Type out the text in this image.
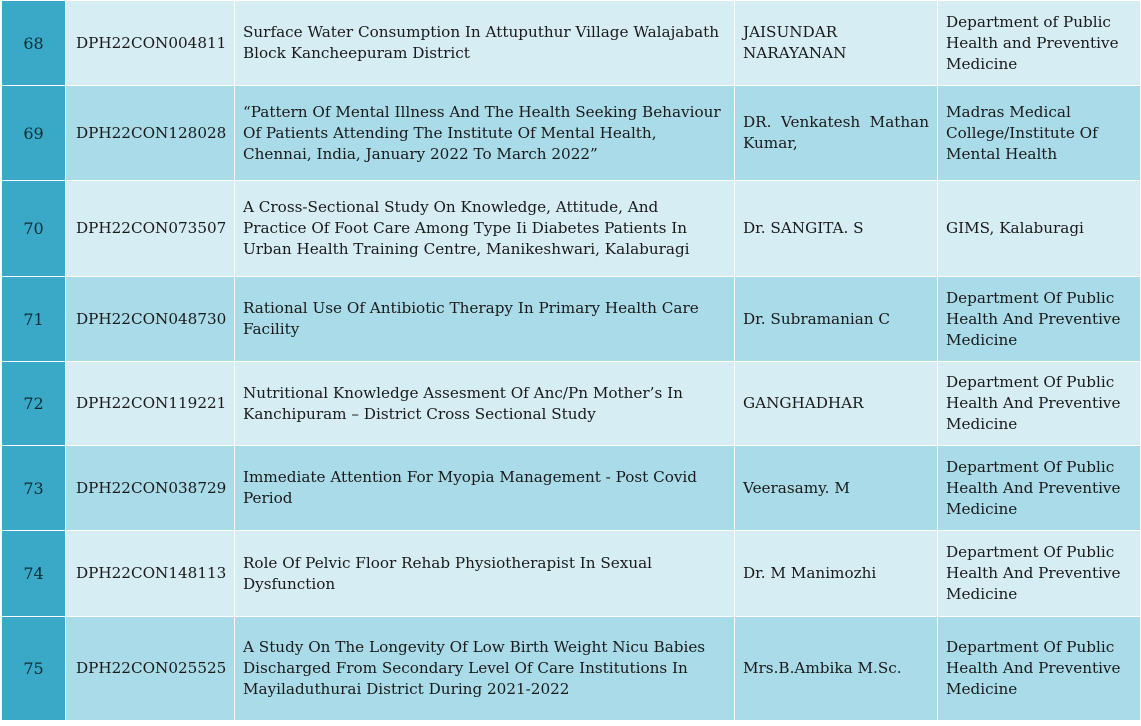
68	DPH22CON004811	Surface Water Consumption In Attuputhur Village Walajabath Block Kancheepuram District	JAISUNDAR NARAYANAN	Department of Public Health and Preventive Medicine
69	DPH22CON128028	“Pattern Of Mental Illness And The Health Seeking Behaviour Of Patients Attending The Institute Of Mental Health, Chennai, India, January 2022 To March 2022”	DR. Venkatesh Mathan Kumar,	Madras Medical College/Institute Of Mental Health
70	DPH22CON073507	A Cross-Sectional Study On Knowledge, Attitude, And Practice Of Foot Care Among Type Ii Diabetes Patients In Urban Health Training Centre, Manikeshwari, Kalaburagi	Dr. SANGITA. S	GIMS, Kalaburagi
71	DPH22CON048730	Rational Use Of Antibiotic Therapy In Primary Health Care Facility	Dr. Subramanian C	Department Of Public Health And Preventive Medicine
72	DPH22CON119221	Nutritional Knowledge Assesment Of Anc/Pn Mother’s In Kanchipuram – District Cross Sectional Study	GANGHADHAR	Department Of Public Health And Preventive Medicine
73	DPH22CON038729	Immediate Attention For Myopia Management - Post Covid Period	Veerasamy. M	Department Of Public Health And Preventive Medicine
74	DPH22CON148113	Role Of Pelvic Floor Rehab Physiotherapist In Sexual Dysfunction	Dr. M Manimozhi	Department Of Public Health And Preventive Medicine
75	DPH22CON025525	A Study On The Longevity Of Low Birth Weight Nicu Babies Discharged From Secondary Level Of Care Institutions In Mayiladuthurai District During 2021-2022	Mrs.B.Ambika M.Sc.	Department Of Public Health And Preventive Medicine
